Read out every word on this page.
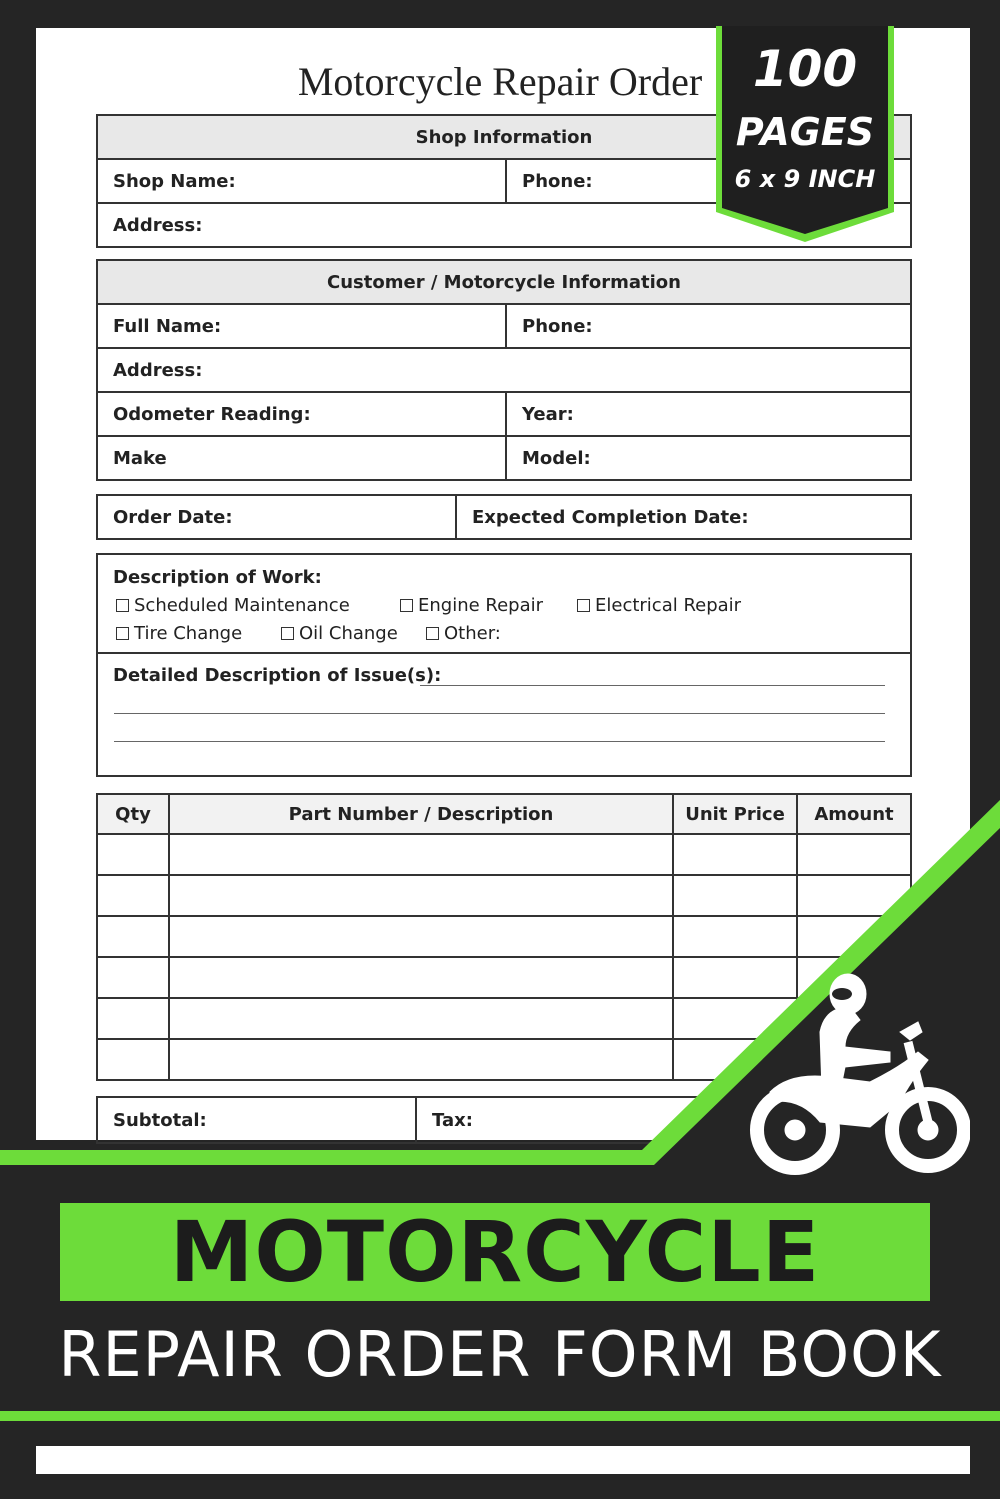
Motorcycle Repair Order
Shop Information
Shop Name:	Phone:
Address:
Customer / Motorcycle Information	
Full Name:	Phone:
Address:	
Odometer Reading:	Year:
Make	Model:
Order Date:	Expected Completion Date:
Description of Work:
Scheduled Maintenance	Engine Repair	Electrical Repair
Tire Change	Oil Change	Other:
Detailed Description of Issue(s):
Qty	Part Number / Description	Unit Price	Amount

Subtotal:	Tax:
100
PAGES
6 x 9 INCH
MOTORCYCLE
REPAIR ORDER FORM BOOK
